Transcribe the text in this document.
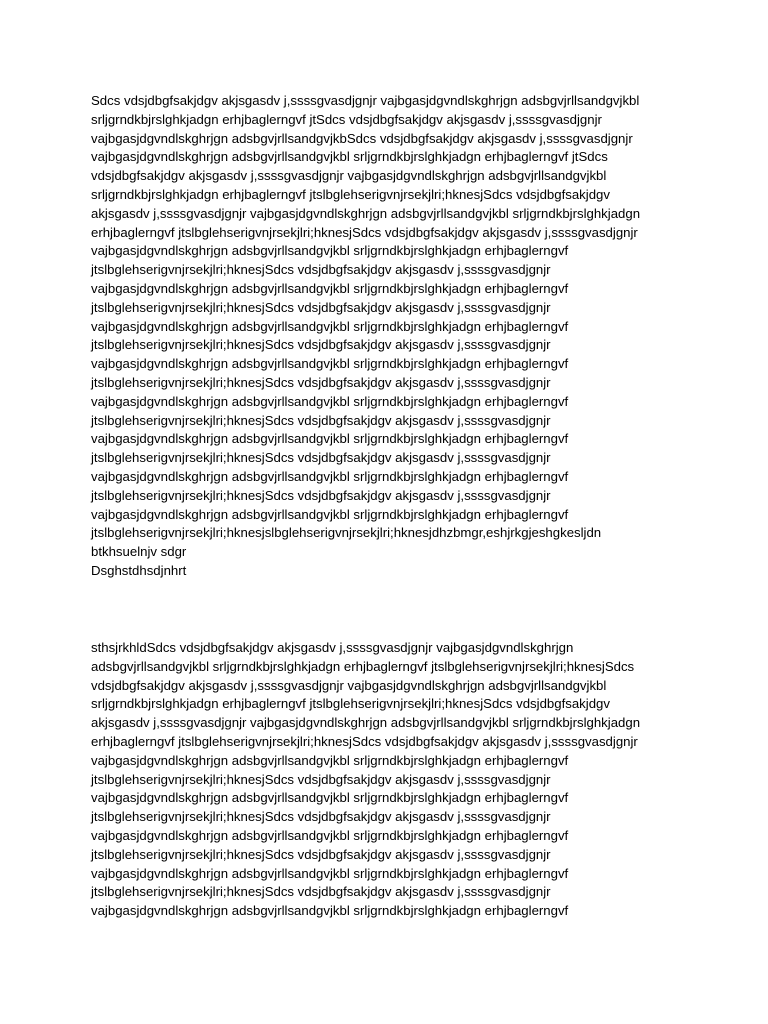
Sdcs vdsjdbgfsakjdgv akjsgasdv j,ssssgvasdjgnjr vajbgasjdgvndlskghrjgn adsbgvjrllsandgvjkbl
srljgrndkbjrslghkjadgn erhjbaglerngvf jtSdcs vdsjdbgfsakjdgv akjsgasdv j,ssssgvasdjgnjr
vajbgasjdgvndlskghrjgn adsbgvjrllsandgvjkbSdcs vdsjdbgfsakjdgv akjsgasdv j,ssssgvasdjgnjr
vajbgasjdgvndlskghrjgn adsbgvjrllsandgvjkbl srljgrndkbjrslghkjadgn erhjbaglerngvf jtSdcs
vdsjdbgfsakjdgv akjsgasdv j,ssssgvasdjgnjr vajbgasjdgvndlskghrjgn adsbgvjrllsandgvjkbl
srljgrndkbjrslghkjadgn erhjbaglerngvf jtslbglehserigvnjrsekjlri;hknesjSdcs vdsjdbgfsakjdgv
akjsgasdv j,ssssgvasdjgnjr vajbgasjdgvndlskghrjgn adsbgvjrllsandgvjkbl srljgrndkbjrslghkjadgn
erhjbaglerngvf jtslbglehserigvnjrsekjlri;hknesjSdcs vdsjdbgfsakjdgv akjsgasdv j,ssssgvasdjgnjr
vajbgasjdgvndlskghrjgn adsbgvjrllsandgvjkbl srljgrndkbjrslghkjadgn erhjbaglerngvf
jtslbglehserigvnjrsekjlri;hknesjSdcs vdsjdbgfsakjdgv akjsgasdv j,ssssgvasdjgnjr
vajbgasjdgvndlskghrjgn adsbgvjrllsandgvjkbl srljgrndkbjrslghkjadgn erhjbaglerngvf
jtslbglehserigvnjrsekjlri;hknesjSdcs vdsjdbgfsakjdgv akjsgasdv j,ssssgvasdjgnjr
vajbgasjdgvndlskghrjgn adsbgvjrllsandgvjkbl srljgrndkbjrslghkjadgn erhjbaglerngvf
jtslbglehserigvnjrsekjlri;hknesjSdcs vdsjdbgfsakjdgv akjsgasdv j,ssssgvasdjgnjr
vajbgasjdgvndlskghrjgn adsbgvjrllsandgvjkbl srljgrndkbjrslghkjadgn erhjbaglerngvf
jtslbglehserigvnjrsekjlri;hknesjSdcs vdsjdbgfsakjdgv akjsgasdv j,ssssgvasdjgnjr
vajbgasjdgvndlskghrjgn adsbgvjrllsandgvjkbl srljgrndkbjrslghkjadgn erhjbaglerngvf
jtslbglehserigvnjrsekjlri;hknesjSdcs vdsjdbgfsakjdgv akjsgasdv j,ssssgvasdjgnjr
vajbgasjdgvndlskghrjgn adsbgvjrllsandgvjkbl srljgrndkbjrslghkjadgn erhjbaglerngvf
jtslbglehserigvnjrsekjlri;hknesjSdcs vdsjdbgfsakjdgv akjsgasdv j,ssssgvasdjgnjr
vajbgasjdgvndlskghrjgn adsbgvjrllsandgvjkbl srljgrndkbjrslghkjadgn erhjbaglerngvf
jtslbglehserigvnjrsekjlri;hknesjSdcs vdsjdbgfsakjdgv akjsgasdv j,ssssgvasdjgnjr
vajbgasjdgvndlskghrjgn adsbgvjrllsandgvjkbl srljgrndkbjrslghkjadgn erhjbaglerngvf
jtslbglehserigvnjrsekjlri;hknesjslbglehserigvnjrsekjlri;hknesjdhzbmgr,eshjrkgjeshgkesljdn
btkhsuelnjv sdgr
Dsghstdhsdjnhrt
sthsjrkhldSdcs vdsjdbgfsakjdgv akjsgasdv j,ssssgvasdjgnjr vajbgasjdgvndlskghrjgn
adsbgvjrllsandgvjkbl srljgrndkbjrslghkjadgn erhjbaglerngvf jtslbglehserigvnjrsekjlri;hknesjSdcs
vdsjdbgfsakjdgv akjsgasdv j,ssssgvasdjgnjr vajbgasjdgvndlskghrjgn adsbgvjrllsandgvjkbl
srljgrndkbjrslghkjadgn erhjbaglerngvf jtslbglehserigvnjrsekjlri;hknesjSdcs vdsjdbgfsakjdgv
akjsgasdv j,ssssgvasdjgnjr vajbgasjdgvndlskghrjgn adsbgvjrllsandgvjkbl srljgrndkbjrslghkjadgn
erhjbaglerngvf jtslbglehserigvnjrsekjlri;hknesjSdcs vdsjdbgfsakjdgv akjsgasdv j,ssssgvasdjgnjr
vajbgasjdgvndlskghrjgn adsbgvjrllsandgvjkbl srljgrndkbjrslghkjadgn erhjbaglerngvf
jtslbglehserigvnjrsekjlri;hknesjSdcs vdsjdbgfsakjdgv akjsgasdv j,ssssgvasdjgnjr
vajbgasjdgvndlskghrjgn adsbgvjrllsandgvjkbl srljgrndkbjrslghkjadgn erhjbaglerngvf
jtslbglehserigvnjrsekjlri;hknesjSdcs vdsjdbgfsakjdgv akjsgasdv j,ssssgvasdjgnjr
vajbgasjdgvndlskghrjgn adsbgvjrllsandgvjkbl srljgrndkbjrslghkjadgn erhjbaglerngvf
jtslbglehserigvnjrsekjlri;hknesjSdcs vdsjdbgfsakjdgv akjsgasdv j,ssssgvasdjgnjr
vajbgasjdgvndlskghrjgn adsbgvjrllsandgvjkbl srljgrndkbjrslghkjadgn erhjbaglerngvf
jtslbglehserigvnjrsekjlri;hknesjSdcs vdsjdbgfsakjdgv akjsgasdv j,ssssgvasdjgnjr
vajbgasjdgvndlskghrjgn adsbgvjrllsandgvjkbl srljgrndkbjrslghkjadgn erhjbaglerngvf
